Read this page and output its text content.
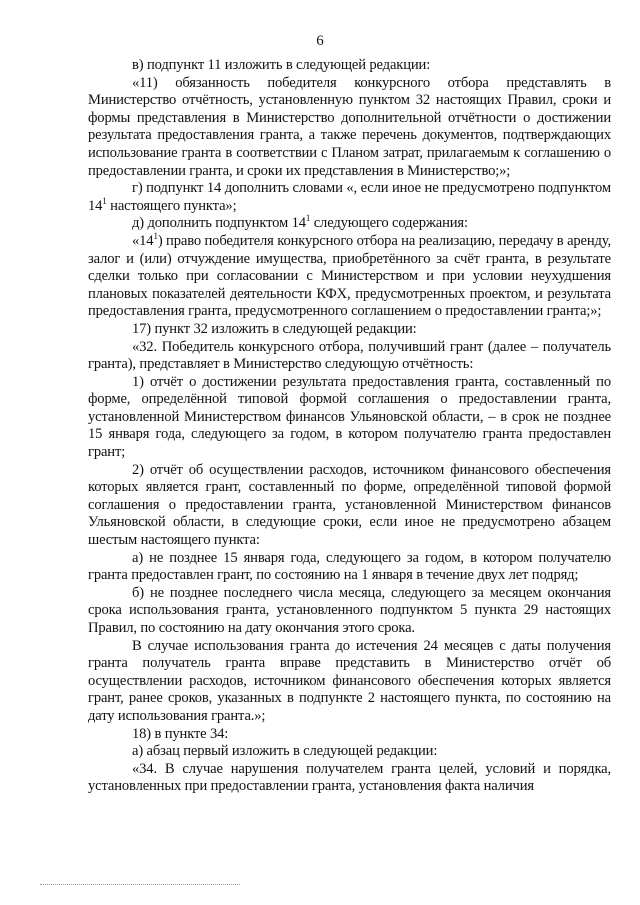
6

в) подпункт 11 изложить в следующей редакции:

«11) обязанность победителя конкурсного отбора представлять в Министерство отчётность, установленную пунктом 32 настоящих Правил, сроки и формы представления в Министерство дополнительной отчётности о достижении результата предоставления гранта, а также перечень документов, подтверждающих использование гранта в соответствии с Планом затрат, прилагаемым к соглашению о предоставлении гранта, и сроки их представления в Министерство;»;

г) подпункт 14 дополнить словами «, если иное не предусмотрено подпунктом $14^1$ настоящего пункта»;

д) дополнить подпунктом $14^1$ следующего содержания:

«$14^1$) право победителя конкурсного отбора на реализацию, передачу в аренду, залог и (или) отчуждение имущества, приобретённого за счёт гранта, в результате сделки только при согласовании с Министерством и при условии неухудшения плановых показателей деятельности КФХ, предусмотренных проектом, и результата предоставления гранта, предусмотренного соглашением о предоставлении гранта;»;

17) пункт 32 изложить в следующей редакции:

«32. Победитель конкурсного отбора, получивший грант (далее – получатель гранта), представляет в Министерство следующую отчётность:

1) отчёт о достижении результата предоставления гранта, составленный по форме, определённой типовой формой соглашения о предоставлении гранта, установленной Министерством финансов Ульяновской области, – в срок не позднее 15 января года, следующего за годом, в котором получателю гранта предоставлен грант;

2) отчёт об осуществлении расходов, источником финансового обеспечения которых является грант, составленный по форме, определённой типовой формой соглашения о предоставлении гранта, установленной Министерством финансов Ульяновской области, в следующие сроки, если иное не предусмотрено абзацем шестым настоящего пункта:

а) не позднее 15 января года, следующего за годом, в котором получателю гранта предоставлен грант, по состоянию на 1 января в течение двух лет подряд;

б) не позднее последнего числа месяца, следующего за месяцем окончания срока использования гранта, установленного подпунктом 5 пункта 29 настоящих Правил, по состоянию на дату окончания этого срока.

В случае использования гранта до истечения 24 месяцев с даты получения гранта получатель гранта вправе представить в Министерство отчёт об осуществлении расходов, источником финансового обеспечения которых является грант, ранее сроков, указанных в подпункте 2 настоящего пункта, по состоянию на дату использования гранта.»;

18) в пункте 34:

а) абзац первый изложить в следующей редакции:

«34. В случае нарушения получателем гранта целей, условий и порядка, установленных при предоставлении гранта, установления факта наличия
